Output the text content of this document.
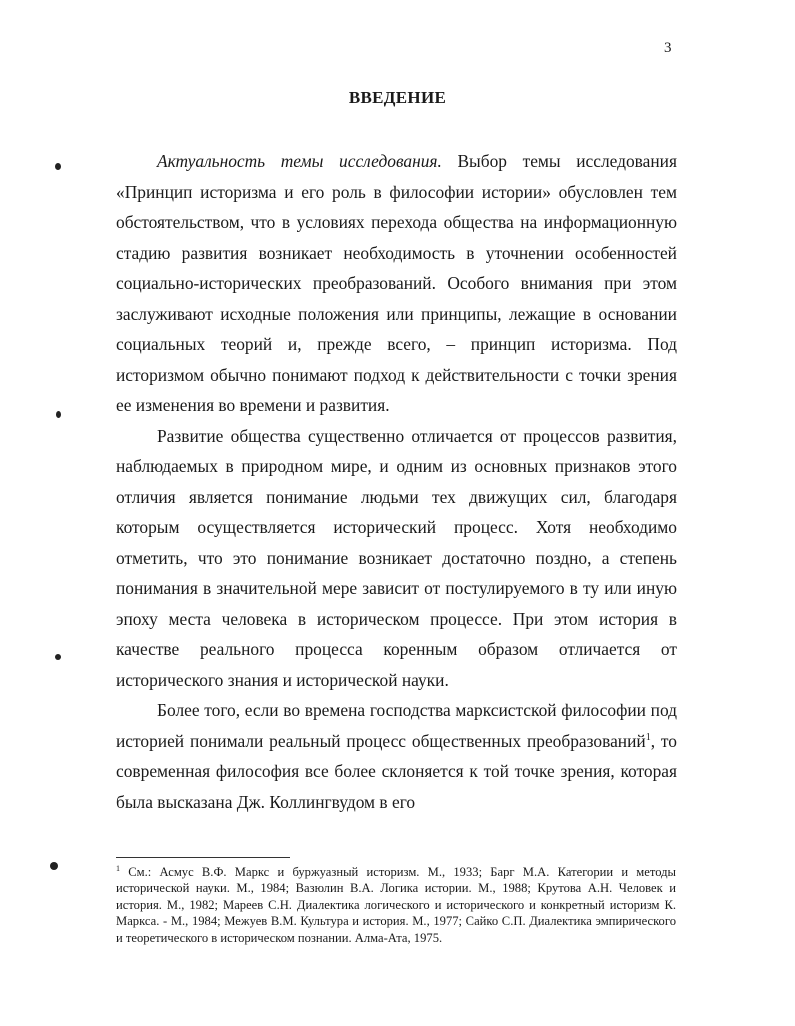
3
ВВЕДЕНИЕ

Актуальность темы исследования. Выбор темы исследования «Принцип историзма и его роль в философии истории» обусловлен тем обстоятельством, что в условиях перехода общества на информационную стадию развития возникает необходимость в уточнении особенностей социально-исторических преобразований. Особого внимания при этом заслуживают исходные положения или принципы, лежащие в основании социальных теорий и, прежде всего, – принцип историзма. Под историзмом обычно понимают подход к действительности с точки зрения ее изменения во времени и развития.

Развитие общества существенно отличается от процессов развития, наблюдаемых в природном мире, и одним из основных признаков этого отличия является понимание людьми тех движущих сил, благодаря которым осуществляется исторический процесс. Хотя необходимо отметить, что это понимание возникает достаточно поздно, а степень понимания в значительной мере зависит от постулируемого в ту или иную эпоху места человека в историческом процессе. При этом история в качестве реального процесса коренным образом отличается от исторического знания и исторической науки.

Более того, если во времена господства марксистской философии под историей понимали реальный процесс общественных преобразований$^1$, то современная философия все более склоняется к той точке зрения, которая была высказана Дж. Коллингвудом в его

$^1$ См.: Асмус В.Ф. Маркс и буржуазный историзм. М., 1933; Барг М.А. Категории и методы исторической науки. М., 1984; Вазюлин В.А. Логика истории. М., 1988; Крутова А.Н. Человек и история. М., 1982; Мареев С.Н. Диалектика логического и исторического и конкретный историзм К. Маркса. - М., 1984; Межуев В.М. Культура и история. М., 1977; Сайко С.П. Диалектика эмпирического и теоретического в историческом познании. Алма-Ата, 1975.
